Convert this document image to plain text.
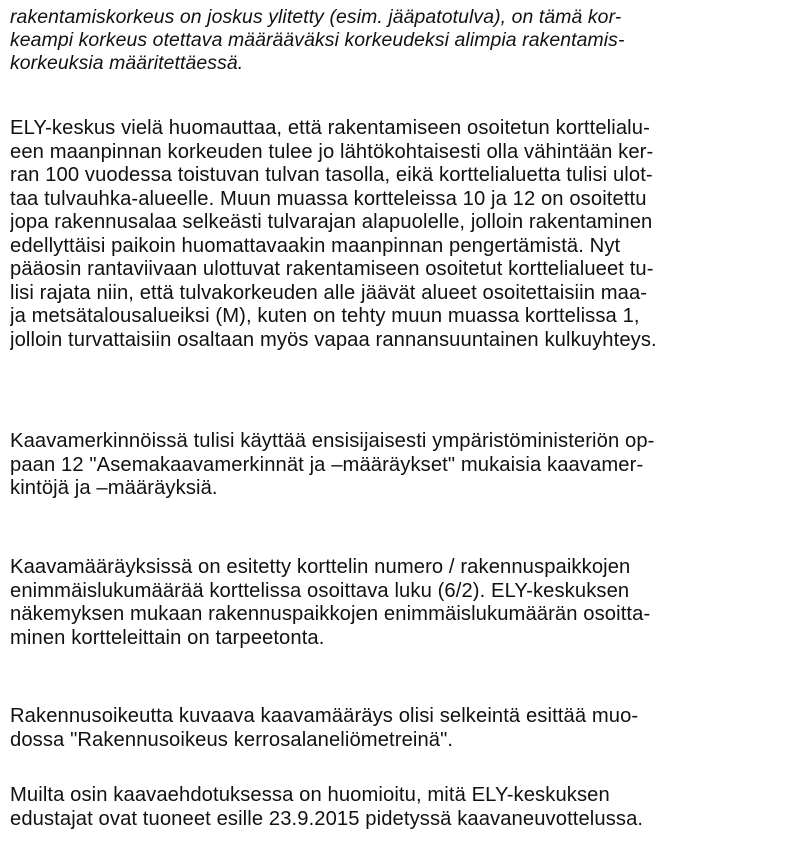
rakentamiskorkeus on joskus ylitetty (esim. jääpatotulva), on tämä kor-
keampi korkeus otettava määrääväksi korkeudeksi alimpia rakentamis-
korkeuksia määritettäessä.
ELY-keskus vielä huomauttaa, että rakentamiseen osoitetun korttelialu-
een maanpinnan korkeuden tulee jo lähtökohtaisesti olla vähintään ker-
ran 100 vuodessa toistuvan tulvan tasolla, eikä korttelialuetta tulisi ulot-
taa tulvauhka-alueelle. Muun muassa kortteleissa 10 ja 12 on osoitettu
jopa rakennusalaa selkeästi tulvarajan alapuolelle, jolloin rakentaminen
edellyttäisi paikoin huomattavaakin maanpinnan pengertämistä. Nyt
pääosin rantaviivaan ulottuvat rakentamiseen osoitetut korttelialueet tu-
lisi rajata niin, että tulvakorkeuden alle jäävät alueet osoitettaisiin maa-
ja metsätalousalueiksi (M), kuten on tehty muun muassa korttelissa 1,
jolloin turvattaisiin osaltaan myös vapaa rannansuuntainen kulkuyhteys.
Kaavamerkinnöissä tulisi käyttää ensisijaisesti ympäristöministeriön op-
paan 12 "Asemakaavamerkinnät ja –määräykset" mukaisia kaavamer-
kintöjä ja –määräyksiä.
Kaavamääräyksissä on esitetty korttelin numero / rakennuspaikkojen
enimmäislukumäärää korttelissa osoittava luku (6/2). ELY-keskuksen
näkemyksen mukaan rakennuspaikkojen enimmäislukumäärän osoitta-
minen kortteleittain on tarpeetonta.
Rakennusoikeutta kuvaava kaavamääräys olisi selkeintä esittää muo-
dossa "Rakennusoikeus kerrosalaneliömetreinä".
Muilta osin kaavaehdotuksessa on huomioitu, mitä ELY-keskuksen
edustajat ovat tuoneet esille 23.9.2015 pidetyssä kaavaneuvottelussa.
